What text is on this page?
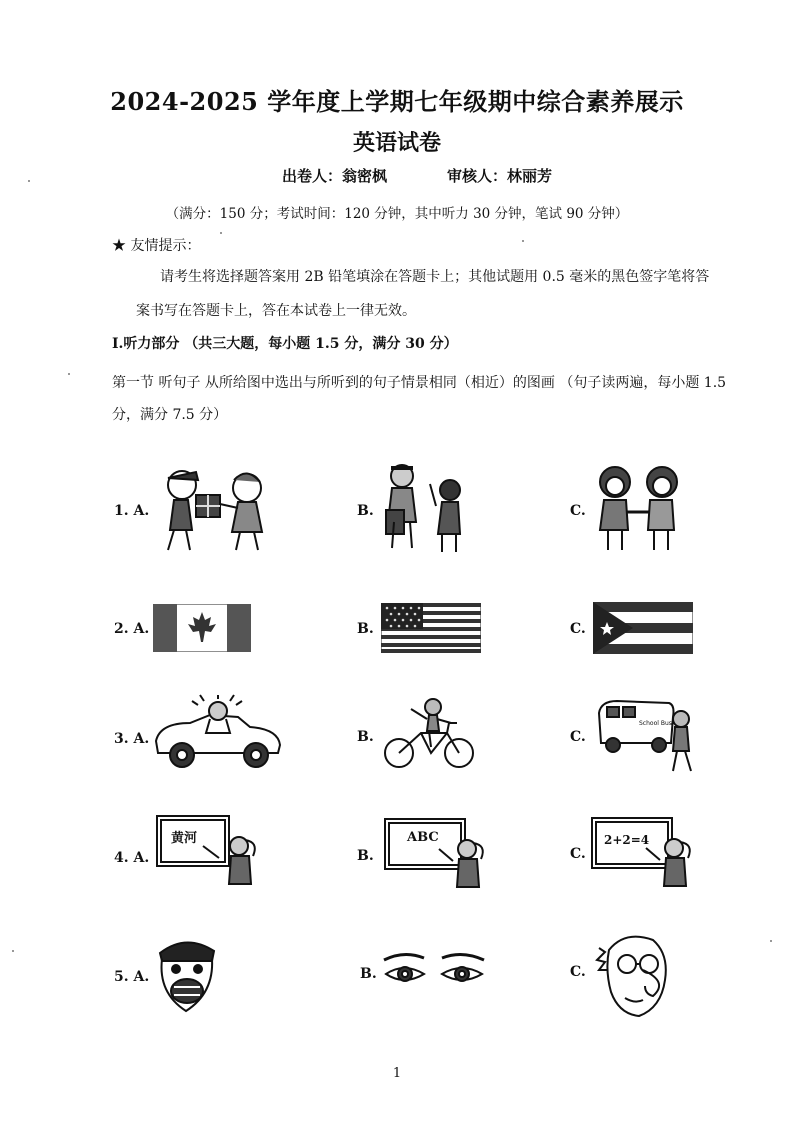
2024-2025 学年度上学期七年级期中综合素养展示
英语试卷
出卷人：翁密枫	审核人：林丽芳
（满分：150 分；考试时间：120 分钟，其中听力 30 分钟，笔试 90 分钟）
★ 友情提示：
请考生将选择题答案用 2B 铅笔填涂在答题卡上；其他试题用 0.5 毫米的黑色签字笔将答
案书写在答题卡上，答在本试卷上一律无效。
I.听力部分 （共三大题，每小题 1.5 分，满分 30 分）
第一节 听句子 从所给图中选出与所听到的句子情景相同（相近）的图画 （句子读两遍，每小题 1.5 分，满分 7.5 分）
1. A.	B.	C.
2. A.	B.	C.
3. A.	B.	C.
School Bus
4. A.	B.	C.
黄河	ABC	2+2=4
5. A.	B.	C.
1
